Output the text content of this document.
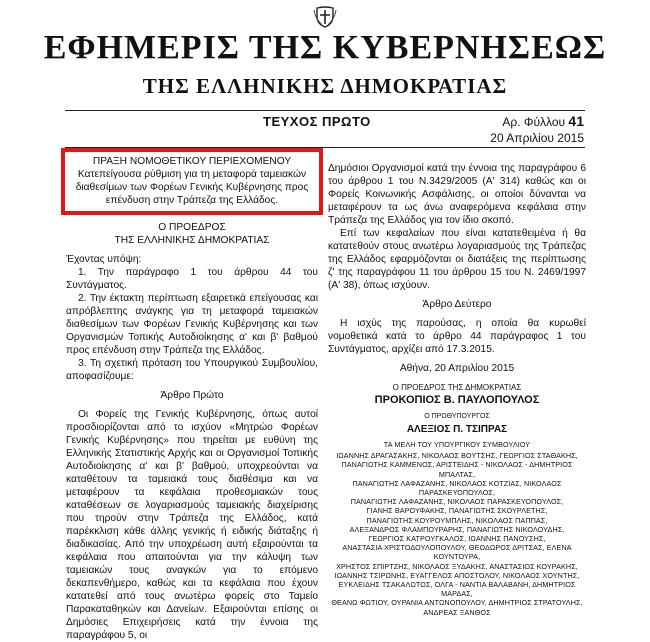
ΕΦΗΜΕΡΙΣ ΤΗΣ ΚΥΒΕΡΝΗΣΕΩΣ
ΤΗΣ ΕΛΛΗΝΙΚΗΣ ΔΗΜΟΚΡΑΤΙΑΣ
ΤΕΥΧΟΣ ΠΡΩΤΟ	Αρ. Φύλλου 41
20 Απριλίου 2015

ΠΡΑΞΗ ΝΟΜΟΘΕΤΙΚΟΥ ΠΕΡΙΕΧΟΜΕΝΟΥ

Κατεπείγουσα ρύθμιση για τη μεταφορά ταμειακών διαθεσίμων των Φορέων Γενικής Κυβέρνησης προς επένδυση στην Τράπεζα της Ελλάδος.

Ο ΠΡΟΕΔΡΟΣ

ΤΗΣ ΕΛΛΗΝΙΚΗΣ ΔΗΜΟΚΡΑΤΙΑΣ

Έχοντας υπόψη:

1. Την παράγραφο 1 του άρθρου 44 του Συντάγματος.

2. Την έκτακτη περίπτωση εξαιρετικά επείγουσας και απρόβλεπτης ανάγκης για τη μεταφορά ταμειακών διαθεσίμων των Φορέων Γενικής Κυβέρνησης και των Οργανισμών Τοπικής Αυτοδιοίκησης α' και β' βαθμού προς επένδυση στην Τράπεζα της Ελλάδος.

3. Τη σχετική πρόταση του Υπουργικού Συμβουλίου, αποφασίζουμε:

Άρθρο Πρώτο

Οι Φορείς της Γενικής Κυβέρνησης, όπως αυτοί προσδιορίζονται από το ισχύον «Μητρώο Φορέων Γενικής Κυβέρνησης» που τηρείται με ευθύνη της Ελληνικής Στατιστικής Αρχής και οι Οργανισμοί Τοπικής Αυτοδιοίκησης α' και β' βαθμού, υποχρεούνται να καταθέτουν τα ταμειακά τους διαθέσιμα και να μεταφέρουν τα κεφάλαια προθεσμιακών τους καταθέσεων σε λογαριασμούς ταμειακής διαχείρισης που τηρούν στην Τράπεζα της Ελλάδος, κατά παρέκκλιση κάθε άλλης γενικής ή ειδικής διάταξης ή διαδικασίας. Από την υποχρέωση αυτή εξαιρούνται τα κεφάλαια που απαιτούνται για την κάλυψη των ταμειακών τους αναγκών για το επόμενο δεκαπενθήμερο, καθώς και τα κεφάλαια που έχουν κατατεθεί από τους ανωτέρω φορείς στο Ταμείο Παρακαταθηκών και Δανείων. Εξαιρούνται επίσης οι Δημόσιες Επιχειρήσεις κατά την έννοια της παραγράφου 5, οι

Δημόσιοι Οργανισμοί κατά την έννοια της παραγράφου 6 του άρθρου 1 του Ν.3429/2005 (Α' 314) καθώς και οι Φορείς Κοινωνικής Ασφάλισης, οι οποίοι δύνανται να μεταφέρουν τα ως άνω αναφερόμενα κεφάλαια στην Τράπεζα της Ελλάδος για τον ίδιο σκοπό.

Επί των κεφαλαίων που είναι κατατεθειμένα ή θα κατατεθούν στους ανωτέρω λογαριασμούς της Τράπεζας της Ελλάδος εφαρμόζονται οι διατάξεις της περίπτωσης ζ' της παραγράφου 11 του άρθρου 15 του Ν. 2469/1997 (Α' 38), όπως ισχύουν.

Άρθρο Δεύτερο

Η ισχύς της παρούσας, η οποία θα κυρωθεί νομοθετικά κατά το άρθρο 44 παράγραφος 1 του Συντάγματος, αρχίζει από 17.3.2015.

Αθήνα, 20 Απριλίου 2015

Ο ΠΡΟΕΔΡΟΣ ΤΗΣ ΔΗΜΟΚΡΑΤΙΑΣ

ΠΡΟΚΟΠΙΟΣ Β. ΠΑΥΛΟΠΟΥΛΟΣ

Ο ΠΡΩΘΥΠΟΥΡΓΟΣ

ΑΛΕΞΙΟΣ Π. ΤΣΙΠΡΑΣ

ΤΑ ΜΕΛΗ ΤΟΥ ΥΠΟΥΡΓΙΚΟΥ ΣΥΜΒΟΥΛΙΟΥ

ΙΩΑΝΝΗΣ ΔΡΑΓΑΣΑΚΗΣ, ΝΙΚΟΛΑΟΣ ΒΟΥΤΣΗΣ, ΓΕΩΡΓΙΟΣ ΣΤΑΘΑΚΗΣ,

ΠΑΝΑΓΙΩΤΗΣ ΚΑΜΜΕΝΟΣ, ΑΡΙΣΤΕΙΔΗΣ - ΝΙΚΟΛΑΟΣ - ΔΗΜΗΤΡΙΟΣ ΜΠΑΛΤΑΣ,

ΠΑΝΑΓΙΩΤΗΣ ΛΑΦΑΖΑΝΗΣ, ΝΙΚΟΛΑΟΣ ΚΟΤΖΙΑΣ, ΝΙΚΟΛΑΟΣ ΠΑΡΑΣΚΕΥΟΠΟΥΛΟΣ,

ΠΑΝΑΓΙΩΤΗΣ ΛΑΦΑΖΑΝΗΣ, ΝΙΚΟΛΑΟΣ ΠΑΡΑΣΚΕΥΟΠΟΥΛΟΣ,

ΓΙΑΝΗΣ ΒΑΡΟΥΦΑΚΗΣ, ΠΑΝΑΓΙΩΤΗΣ ΣΚΟΥΡΛΕΤΗΣ,

ΠΑΝΑΓΙΩΤΗΣ ΚΟΥΡΟΥΜΠΛΗΣ, ΝΙΚΟΛΑΟΣ ΠΑΠΠΑΣ,

ΑΛΕΞΑΝΔΡΟΣ ΦΛΑΜΠΟΥΡΑΡΗΣ, ΠΑΝΑΓΙΩΤΗΣ ΝΙΚΟΛΟΥΔΗΣ,

ΓΕΩΡΓΙΟΣ ΚΑΤΡΟΥΓΚΑΛΟΣ, ΙΩΑΝΝΗΣ ΠΑΝΟΥΣΗΣ,

ΑΝΑΣΤΑΣΙΑ ΧΡΙΣΤΟΔΟΥΛΟΠΟΥΛΟΥ, ΘΕΟΔΩΡΟΣ ΔΡΙΤΣΑΣ, ΕΛΕΝΑ ΚΟΥΝΤΟΥΡΑ,

ΧΡΗΣΤΟΣ ΣΠΙΡΤΖΗΣ, ΝΙΚΟΛΑΟΣ ΞΥΔΑΚΗΣ, ΑΝΑΣΤΑΣΙΟΣ ΚΟΥΡΑΚΗΣ,

ΙΩΑΝΝΗΣ ΤΣΙΡΩΝΗΣ, ΕΥΑΓΓΕΛΟΣ ΑΠΟΣΤΟΛΟΥ, ΝΙΚΟΛΑΟΣ ΧΟΥΝΤΗΣ,

ΕΥΚΛΕΙΔΗΣ ΤΣΑΚΑΛΩΤΟΣ, ΟΛΓΑ - ΝΑΝΤΙΑ ΒΑΛΑΒΑΝΗ, ΔΗΜΗΤΡΙΟΣ ΜΑΡΔΑΣ,

ΘΕΑΝΩ ΦΩΤΙΟΥ, ΟΥΡΑΝΙΑ ΑΝΤΩΝΟΠΟΥΛΟΥ, ΔΗΜΗΤΡΙΟΣ ΣΤΡΑΤΟΥΛΗΣ,

ΑΝΔΡΕΑΣ ΞΑΝΘΟΣ
